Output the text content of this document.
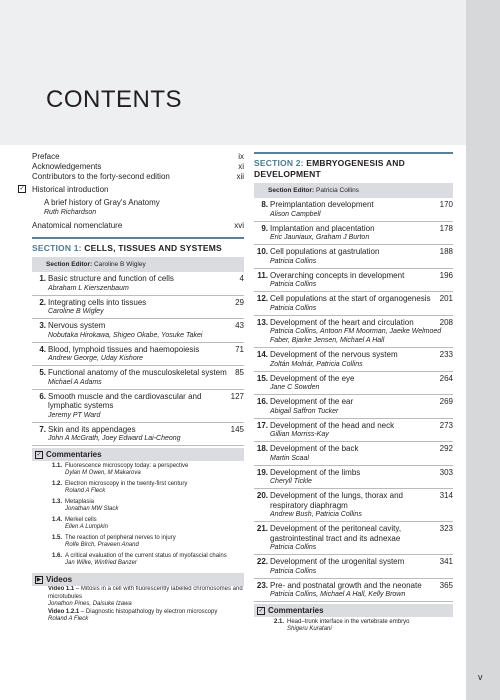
CONTENTS
Preface	ix
Acknowledgements	xi
Contributors to the forty-second edition	xii
✓ Historical introduction
A brief history of Gray's Anatomy
Ruth Richardson
Anatomical nomenclature	xvi
SECTION 1: CELLS, TISSUES AND SYSTEMS
Section Editor: Caroline B Wigley
1. Basic structure and function of cells	4
Abraham L Kierszenbaum
2. Integrating cells into tissues	29
Caroline B Wigley
3. Nervous system	43
Nobutaka Hirokawa, Shigeo Okabe, Yosuke Takei
4. Blood, lymphoid tissues and haemopoiesis	71
Andrew George, Uday Kishore
5. Functional anatomy of the musculoskeletal system 85
Michael A Adams
6. Smooth muscle and the cardiovascular and lymphatic systems
127
Jeremy PT Ward
7. Skin and its appendages	145
John A McGrath, Joey Edward Lai-Cheong
✓ Commentaries
1.1. Fluorescence microscopy today: a perspective
Dylan M Owen, M Makarova
1.2. Electron microscopy in the twenty-first century
Roland A Fleck
1.3. Metaplasia
Jonathan MW Slack
1.4. Merkel cells
Ellen A Lumpkin
1.5. The reaction of peripheral nerves to injury
Rolfe Birch, Praveen Anand
1.6. A critical evaluation of the current status of myofascial chains
Jan Wilke, Winfried Banzer
▶ Videos
Video 1.1 – Mitosis in a cell with fluorescently labelled chromosomes and microtubules
Jonathon Pines, Daisuke Izawa
Video 1.2.1 – Diagnostic histopathology by electron microscopy
Roland A Fleck
SECTION 2: EMBRYOGENESIS AND DEVELOPMENT
Section Editor: Patricia Collins
8. Preimplantation development	170
Alison Campbell
9. Implantation and placentation	178
Eric Jauniaux, Graham J Burton
10. Cell populations at gastrulation	188
Patricia Collins
11. Overarching concepts in development	196
Patricia Collins
12. Cell populations at the start of organogenesis 201
Patricia Collins
13. Development of the heart and circulation	208
Patricia Collins, Antoon FM Moorman, Jaeike Welmoed Faber, Bjarke Jensen, Michael A Hall
14. Development of the nervous system	233
Zoltán Molnár, Patricia Collins
15. Development of the eye	264
Jane C Sowden
16. Development of the ear	269
Abigail Saffron Tucker
17. Development of the head and neck	273
Gillian Morriss-Kay
18. Development of the back	292
Martin Scaal
19. Development of the limbs	303
Cheryll Tickle
20. Development of the lungs, thorax and respiratory diaphragm
314
Andrew Bush, Patricia Collins
21. Development of the peritoneal cavity, gastrointestinal tract and its adnexae
323
Patricia Collins
22. Development of the urogenital system	341
Patricia Collins
23. Pre- and postnatal growth and the neonate 365
Patricia Collins, Michael A Hall, Kelly Brown
✓ Commentaries
2.1. Head–trunk interface in the vertebrate embryo
Shigeru Kuratani
v
